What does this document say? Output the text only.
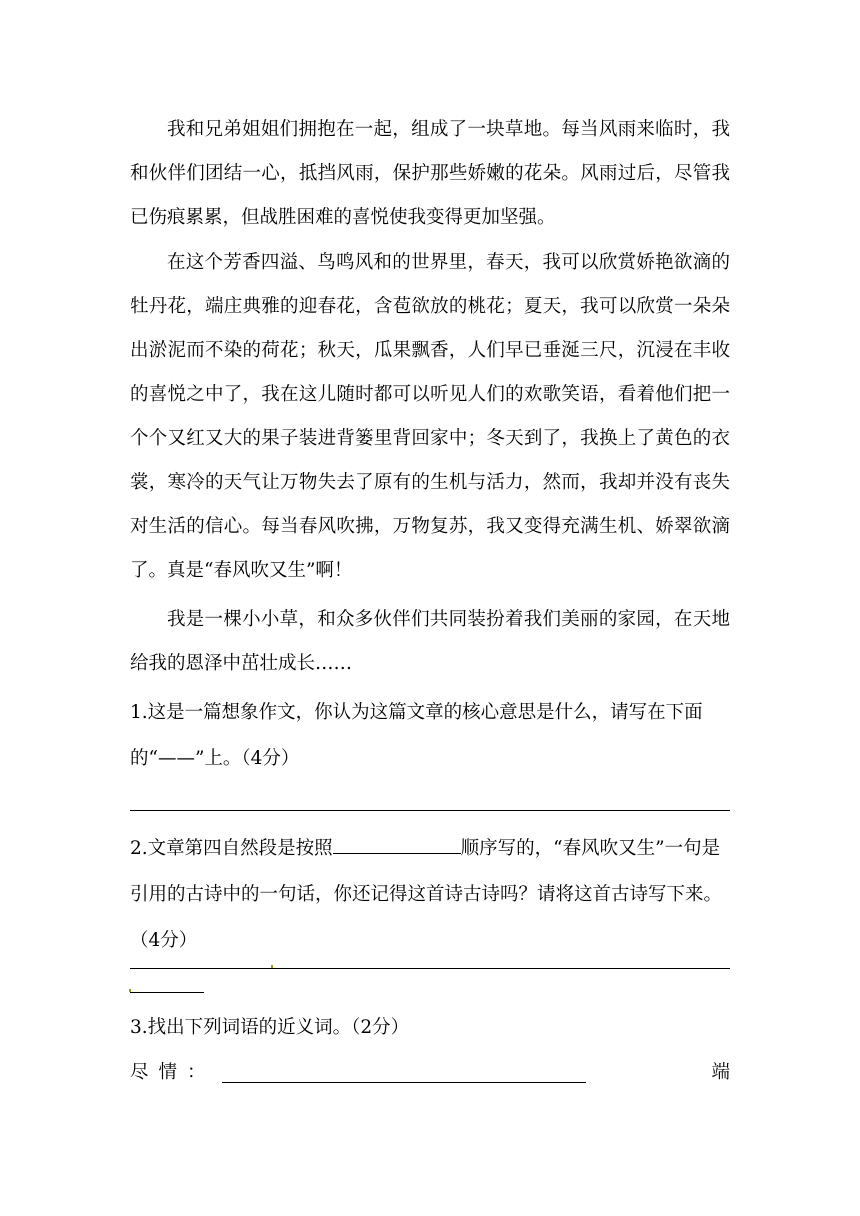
我和兄弟姐姐们拥抱在一起，组成了一块草地。每当风雨来临时，我和伙伴们团结一心，抵挡风雨，保护那些娇嫩的花朵。风雨过后，尽管我已伤痕累累，但战胜困难的喜悦使我变得更加坚强。

在这个芳香四溢、鸟鸣风和的世界里，春天，我可以欣赏娇艳欲滴的牡丹花，端庄典雅的迎春花，含苞欲放的桃花；夏天，我可以欣赏一朵朵出淤泥而不染的荷花；秋天，瓜果飘香，人们早已垂涎三尺，沉浸在丰收的喜悦之中了，我在这儿随时都可以听见人们的欢歌笑语，看着他们把一个个又红又大的果子装进背篓里背回家中；冬天到了，我换上了黄色的衣裳，寒冷的天气让万物失去了原有的生机与活力，然而，我却并没有丧失对生活的信心。每当春风吹拂，万物复苏，我又变得充满生机、娇翠欲滴了。真是“春风吹又生”啊！

我是一棵小小草，和众多伙伴们共同装扮着我们美丽的家园，在天地给我的恩泽中茁壮成长……

1.这是一篇想象作文，你认为这篇文章的核心意思是什么，请写在下面的“——”上。（4分）

2.文章第四自然段是按照	顺序写的，“春风吹又生”一句是引用的古诗中的一句话，你还记得这首诗古诗吗？请将这首古诗写下来。（4分）

3.找出下列词语的近义词。（2分）

尽情：	端
